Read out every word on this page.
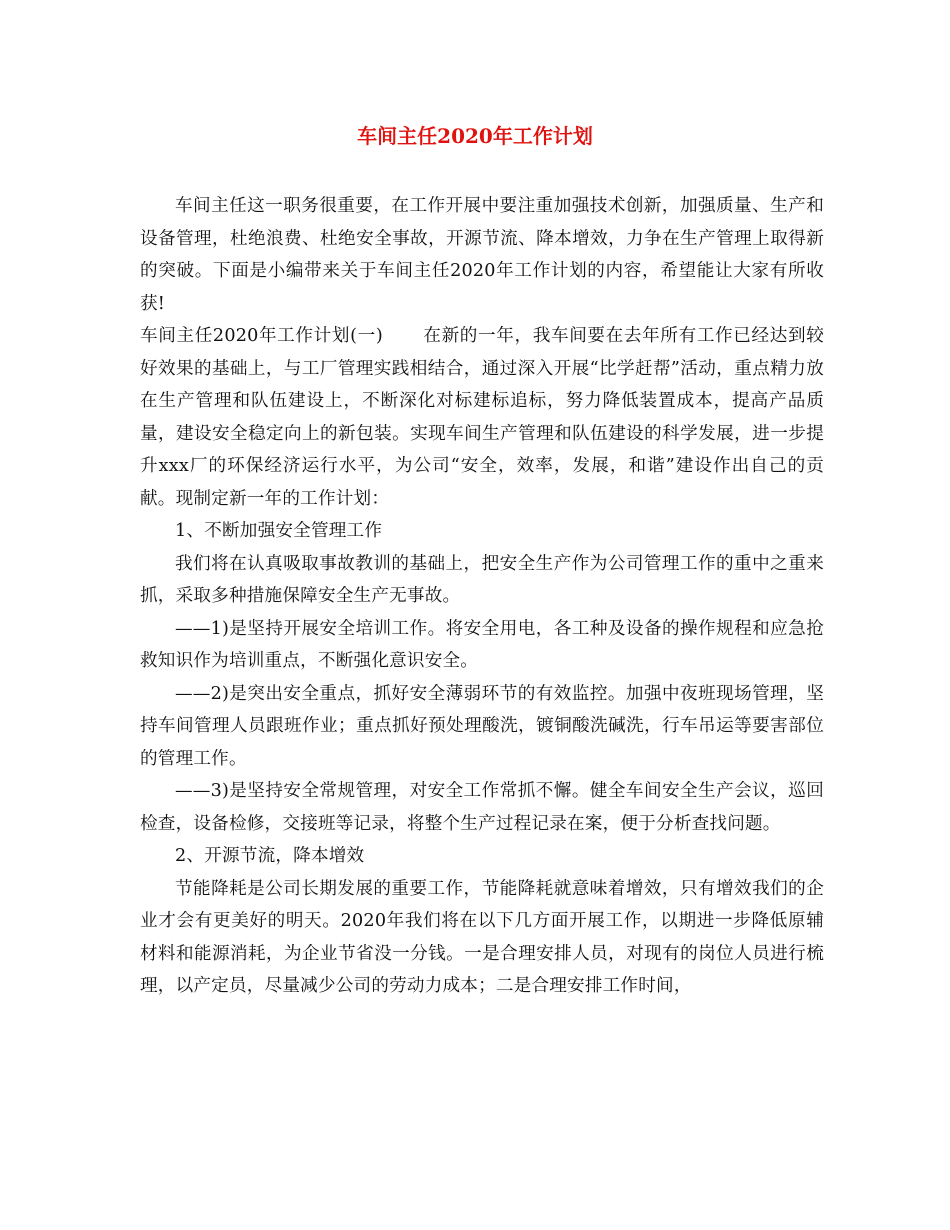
车间主任2020年工作计划

车间主任这一职务很重要，在工作开展中要注重加强技术创新，加强质量、生产和设备管理，杜绝浪费、杜绝安全事故，开源节流、降本增效，力争在生产管理上取得新的突破。下面是小编带来关于车间主任2020年工作计划的内容，希望能让大家有所收获!

车间主任2020年工作计划(一) 在新的一年，我车间要在去年所有工作已经达到较好效果的基础上，与工厂管理实践相结合，通过深入开展“比学赶帮”活动，重点精力放在生产管理和队伍建设上，不断深化对标建标追标，努力降低装置成本，提高产品质量，建设安全稳定向上的新包装。实现车间生产管理和队伍建设的科学发展，进一步提升xxx厂的环保经济运行水平，为公司“安全，效率，发展，和谐”建设作出自己的贡献。现制定新一年的工作计划：

1、不断加强安全管理工作

我们将在认真吸取事故教训的基础上，把安全生产作为公司管理工作的重中之重来抓，采取多种措施保障安全生产无事故。

——1)是坚持开展安全培训工作。将安全用电，各工种及设备的操作规程和应急抢救知识作为培训重点，不断强化意识安全。

——2)是突出安全重点，抓好安全薄弱环节的有效监控。加强中夜班现场管理，坚持车间管理人员跟班作业；重点抓好预处理酸洗，镀铜酸洗碱洗，行车吊运等要害部位的管理工作。

——3)是坚持安全常规管理，对安全工作常抓不懈。健全车间安全生产会议，巡回检查，设备检修，交接班等记录，将整个生产过程记录在案，便于分析查找问题。

2、开源节流，降本增效

节能降耗是公司长期发展的重要工作，节能降耗就意味着增效，只有增效我们的企业才会有更美好的明天。2020年我们将在以下几方面开展工作，以期进一步降低原辅材料和能源消耗，为企业节省没一分钱。一是合理安排人员，对现有的岗位人员进行梳理，以产定员，尽量减少公司的劳动力成本；二是合理安排工作时间，
